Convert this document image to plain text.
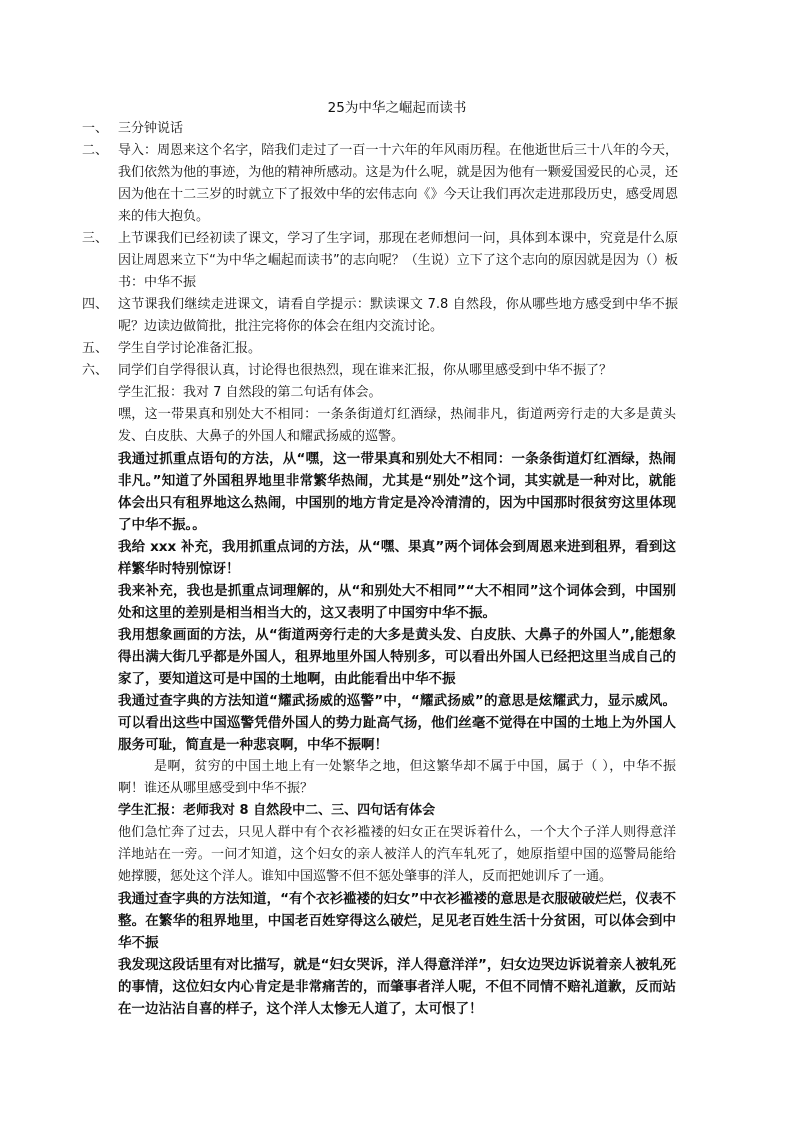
25为中华之崛起而读书
一、 三分钟说话
二、 导入：周恩来这个名字，陪我们走过了一百一十六年的年风雨历程。在他逝世后三十八年的今天，我们依然为他的事迹，为他的精神所感动。这是为什么呢，就是因为他有一颗爱国爱民的心灵，还因为他在十二三岁的时就立下了报效中华的宏伟志向《》今天让我们再次走进那段历史，感受周恩来的伟大抱负。
三、 上节课我们已经初读了课文，学习了生字词，那现在老师想问一问，具体到本课中，究竟是什么原因让周恩来立下“为中华之崛起而读书”的志向呢？（生说）立下了这个志向的原因就是因为（）板书：中华不振
四、 这节课我们继续走进课文，请看自学提示：默读课文 7.8 自然段，你从哪些地方感受到中华不振呢？边读边做简批，批注完将你的体会在组内交流讨论。
五、 学生自学讨论准备汇报。
六、 同学们自学得很认真，讨论得也很热烈，现在谁来汇报，你从哪里感受到中华不振了？

学生汇报：我对 7 自然段的第二句话有体会。

嘿，这一带果真和别处大不相同：一条条街道灯红酒绿，热闹非凡，街道两旁行走的大多是黄头发、白皮肤、大鼻子的外国人和耀武扬威的巡警。

我通过抓重点语句的方法，从“嘿，这一带果真和别处大不相同：一条条街道灯红酒绿，热闹非凡。”知道了外国租界地里非常繁华热闹，尤其是“别处”这个词，其实就是一种对比，就能体会出只有租界地这么热闹，中国别的地方肯定是冷冷清清的，因为中国那时很贫穷这里体现了中华不振。。

我给 xxx 补充，我用抓重点词的方法，从“嘿、果真”两个词体会到周恩来进到租界，看到这样繁华时特别惊讶！

我来补充，我也是抓重点词理解的，从“和别处大不相同”“大不相同”这个词体会到，中国别处和这里的差别是相当相当大的，这又表明了中国穷中华不振。

我用想象画面的方法，从“街道两旁行走的大多是黄头发、白皮肤、大鼻子的外国人”,能想象得出满大街几乎都是外国人，租界地里外国人特别多，可以看出外国人已经把这里当成自己的家了，要知道这可是中国的土地啊，由此能看出中华不振

我通过查字典的方法知道“耀武扬威的巡警”中，“耀武扬威”的意思是炫耀武力，显示威风。可以看出这些中国巡警凭借外国人的势力趾高气扬，他们丝毫不觉得在中国的土地上为外国人服务可耻，简直是一种悲哀啊，中华不振啊！

是啊，贫穷的中国土地上有一处繁华之地，但这繁华却不属于中国，属于（ ），中华不振啊！谁还从哪里感受到中华不振？

学生汇报：老师我对 8 自然段中二、三、四句话有体会

他们急忙奔了过去，只见人群中有个衣衫褴褛的妇女正在哭诉着什么，一个大个子洋人则得意洋洋地站在一旁。一问才知道，这个妇女的亲人被洋人的汽车轧死了，她原指望中国的巡警局能给她撑腰，惩处这个洋人。谁知中国巡警不但不惩处肇事的洋人，反而把她训斥了一通。

我通过查字典的方法知道，“有个衣衫褴褛的妇女”中衣衫褴褛的意思是衣服破破烂烂，仪表不整。在繁华的租界地里，中国老百姓穿得这么破烂，足见老百姓生活十分贫困，可以体会到中华不振

我发现这段话里有对比描写，就是“妇女哭诉，洋人得意洋洋”，妇女边哭边诉说着亲人被轧死的事情，这位妇女内心肯定是非常痛苦的，而肇事者洋人呢，不但不同情不赔礼道歉，反而站在一边沾沾自喜的样子，这个洋人太惨无人道了，太可恨了！
